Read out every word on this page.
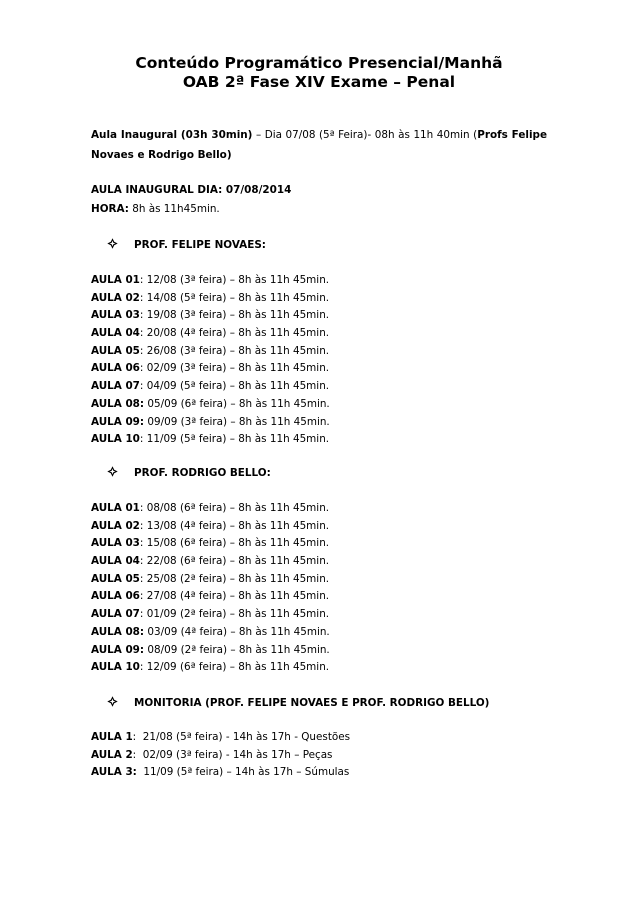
Conteúdo Programático Presencial/Manhã
OAB 2ª Fase XIV Exame – Penal
Aula Inaugural (03h 30min) – Dia 07/08 (5ª Feira)- 08h às 11h 40min (Profs Felipe Novaes e Rodrigo Bello)
AULA INAUGURAL DIA: 07/08/2014
HORA: 8h às 11h45min.
PROF. FELIPE NOVAES:
AULA 01: 12/08 (3ª feira) – 8h às 11h 45min.
AULA 02: 14/08 (5ª feira) – 8h às 11h 45min.
AULA 03: 19/08 (3ª feira) – 8h às 11h 45min.
AULA 04: 20/08 (4ª feira) – 8h às 11h 45min.
AULA 05: 26/08 (3ª feira) – 8h às 11h 45min.
AULA 06: 02/09 (3ª feira) – 8h às 11h 45min.
AULA 07: 04/09 (5ª feira) – 8h às 11h 45min.
AULA 08: 05/09 (6ª feira) – 8h às 11h 45min.
AULA 09: 09/09 (3ª feira) – 8h às 11h 45min.
AULA 10: 11/09 (5ª feira) – 8h às 11h 45min.
PROF. RODRIGO BELLO:
AULA 01: 08/08 (6ª feira) – 8h às 11h 45min.
AULA 02: 13/08 (4ª feira) – 8h às 11h 45min.
AULA 03: 15/08 (6ª feira) – 8h às 11h 45min.
AULA 04: 22/08 (6ª feira) – 8h às 11h 45min.
AULA 05: 25/08 (2ª feira) – 8h às 11h 45min.
AULA 06: 27/08 (4ª feira) – 8h às 11h 45min.
AULA 07: 01/09 (2ª feira) – 8h às 11h 45min.
AULA 08: 03/09 (4ª feira) – 8h às 11h 45min.
AULA 09: 08/09 (2ª feira) – 8h às 11h 45min.
AULA 10: 12/09 (6ª feira) – 8h às 11h 45min.
MONITORIA (PROF. FELIPE NOVAES E PROF. RODRIGO BELLO)
AULA 1:  21/08 (5ª feira) - 14h às 17h - Questões
AULA 2:  02/09 (3ª feira) - 14h às 17h – Peças
AULA 3:  11/09 (5ª feira) – 14h às 17h – Súmulas
